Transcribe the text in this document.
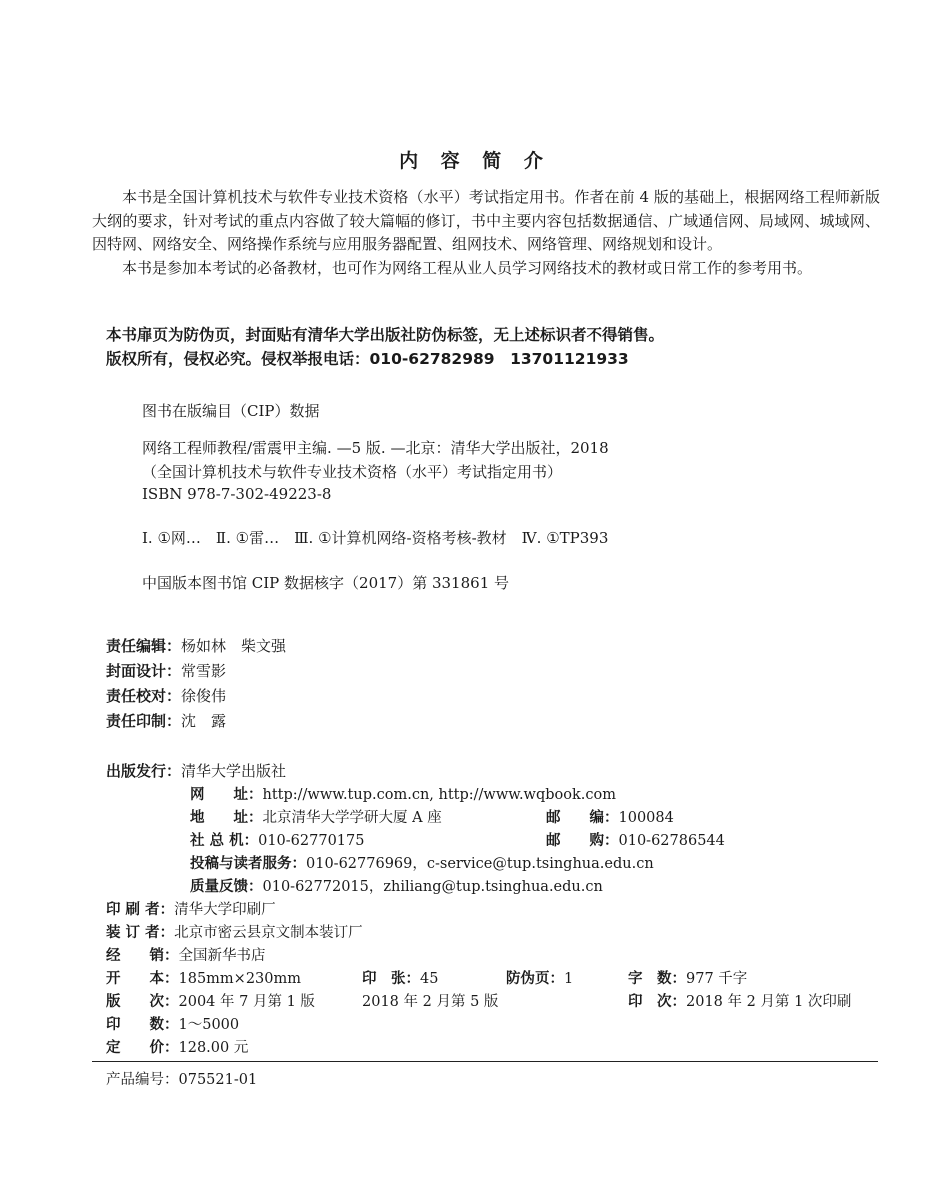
内 容 简 介

本书是全国计算机技术与软件专业技术资格（水平）考试指定用书。作者在前 4 版的基础上，根据网络工程师新版大纲的要求，针对考试的重点内容做了较大篇幅的修订，书中主要内容包括数据通信、广域通信网、局域网、城域网、因特网、网络安全、网络操作系统与应用服务器配置、组网技术、网络管理、网络规划和设计。

本书是参加本考试的必备教材，也可作为网络工程从业人员学习网络技术的教材或日常工作的参考用书。

本书扉页为防伪页，封面贴有清华大学出版社防伪标签，无上述标识者不得销售。
版权所有，侵权必究。侵权举报电话：010-62782989　13701121933
图书在版编目（CIP）数据
网络工程师教程/雷震甲主编. —5 版. —北京：清华大学出版社，2018
（全国计算机技术与软件专业技术资格（水平）考试指定用书）
ISBN 978-7-302-49223-8
Ⅰ. ①网…　Ⅱ. ①雷…　Ⅲ. ①计算机网络-资格考核-教材　Ⅳ. ①TP393
中国版本图书馆 CIP 数据核字（2017）第 331861 号
责任编辑：杨如林　柴文强
封面设计：常雪影
责任校对：徐俊伟
责任印制：沈　露
出版发行：清华大学出版社
网　　址：http://www.tup.com.cn, http://www.wqbook.com
地　　址：北京清华大学学研大厦 A 座	邮　　编：100084
社 总 机：010-62770175	邮　　购：010-62786544
投稿与读者服务：010-62776969，c-service@tup.tsinghua.edu.cn
质量反馈：010-62772015，zhiliang@tup.tsinghua.edu.cn
印 刷 者：清华大学印刷厂
装 订 者：北京市密云县京文制本装订厂
经　　销：全国新华书店
开　　本：185mm×230mm	印　张：45	防伪页：1	字　数：977 千字
版　　次：2004 年 7 月第 1 版	2018 年 2 月第 5 版	印　次：2018 年 2 月第 1 次印刷
印　　数：1～5000
定　　价：128.00 元
产品编号：075521-01
